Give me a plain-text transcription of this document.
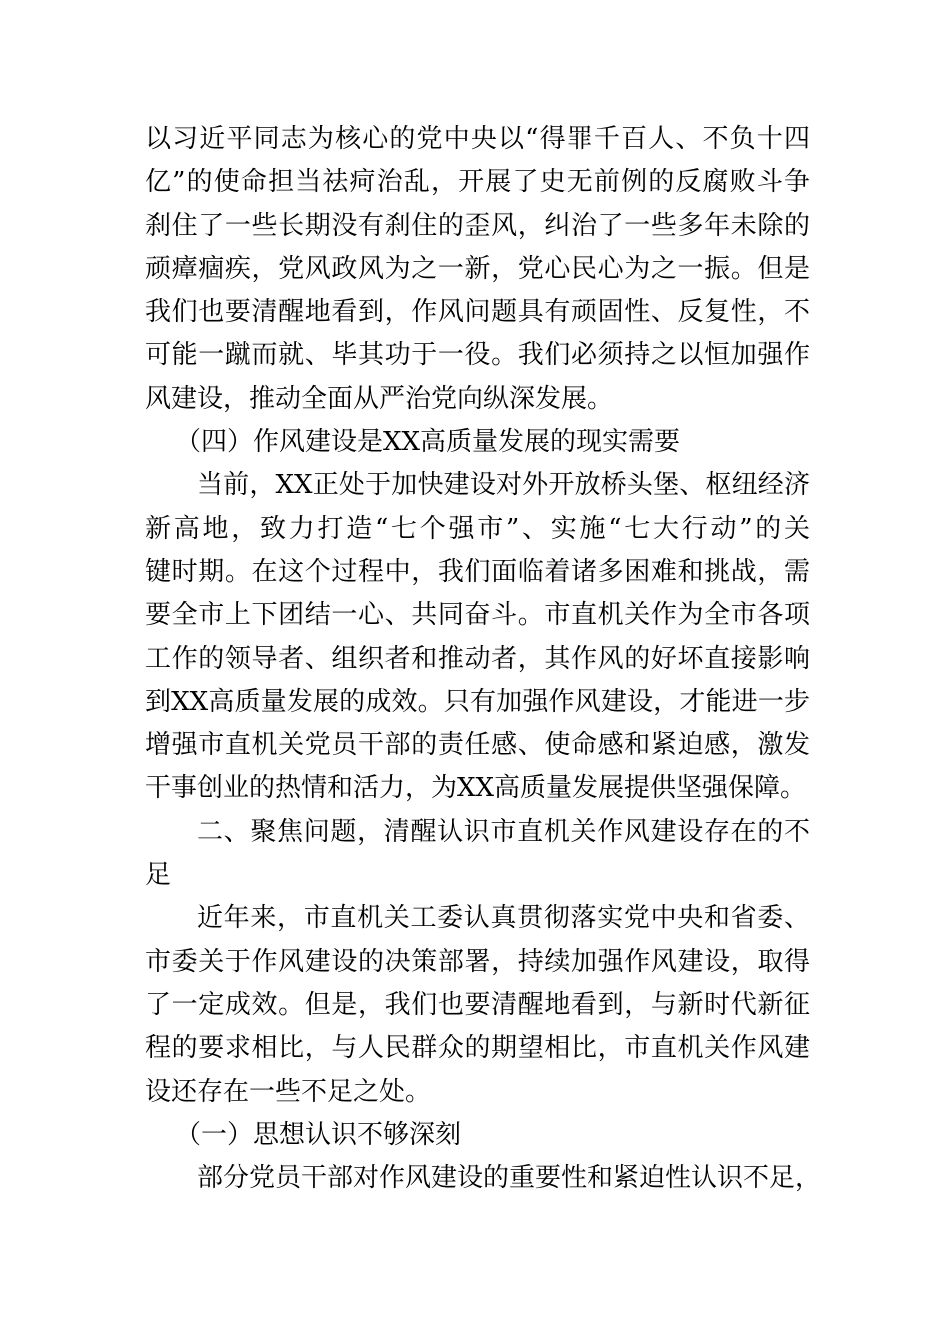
以习近平同志为核心的党中央以“得罪千百人、不负十四
亿”的使命担当祛疴治乱，开展了史无前例的反腐败斗争
刹住了一些长期没有刹住的歪风，纠治了一些多年未除的
顽瘴痼疾，党风政风为之一新，党心民心为之一振。但是
我们也要清醒地看到，作风问题具有顽固性、反复性，不
可能一蹴而就、毕其功于一役。我们必须持之以恒加强作
风建设，推动全面从严治党向纵深发展。
（四）作风建设是XX高质量发展的现实需要
当前，XX正处于加快建设对外开放桥头堡、枢纽经济
新高地，致力打造“七个强市”、实施“七大行动”的关
键时期。在这个过程中，我们面临着诸多困难和挑战，需
要全市上下团结一心、共同奋斗。市直机关作为全市各项
工作的领导者、组织者和推动者，其作风的好坏直接影响
到XX高质量发展的成效。只有加强作风建设，才能进一步
增强市直机关党员干部的责任感、使命感和紧迫感，激发
干事创业的热情和活力，为XX高质量发展提供坚强保障。
二、聚焦问题，清醒认识市直机关作风建设存在的不
足
近年来，市直机关工委认真贯彻落实党中央和省委、
市委关于作风建设的决策部署，持续加强作风建设，取得
了一定成效。但是，我们也要清醒地看到，与新时代新征
程的要求相比，与人民群众的期望相比，市直机关作风建
设还存在一些不足之处。
（一）思想认识不够深刻
部分党员干部对作风建设的重要性和紧迫性认识不足，
